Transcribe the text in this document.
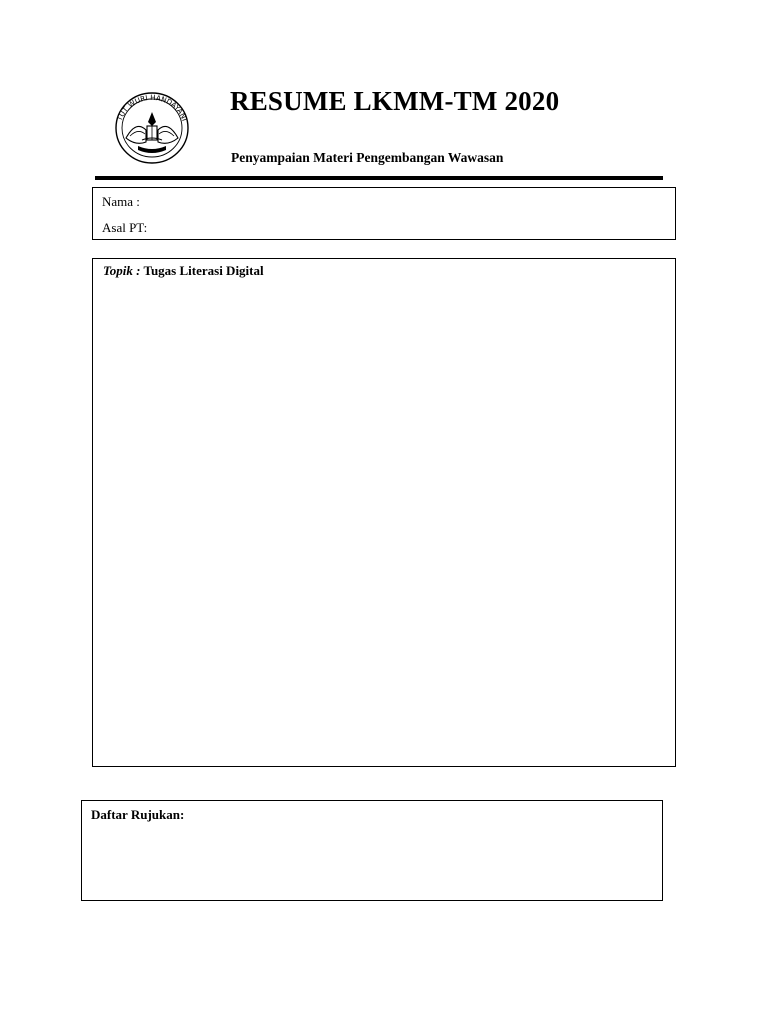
TUT WURI HANDAYANI
RESUME LKMM-TM 2020
Penyampaian Materi Pengembangan Wawasan
Nama :
Asal PT:
Topik : Tugas Literasi Digital
Daftar Rujukan:
